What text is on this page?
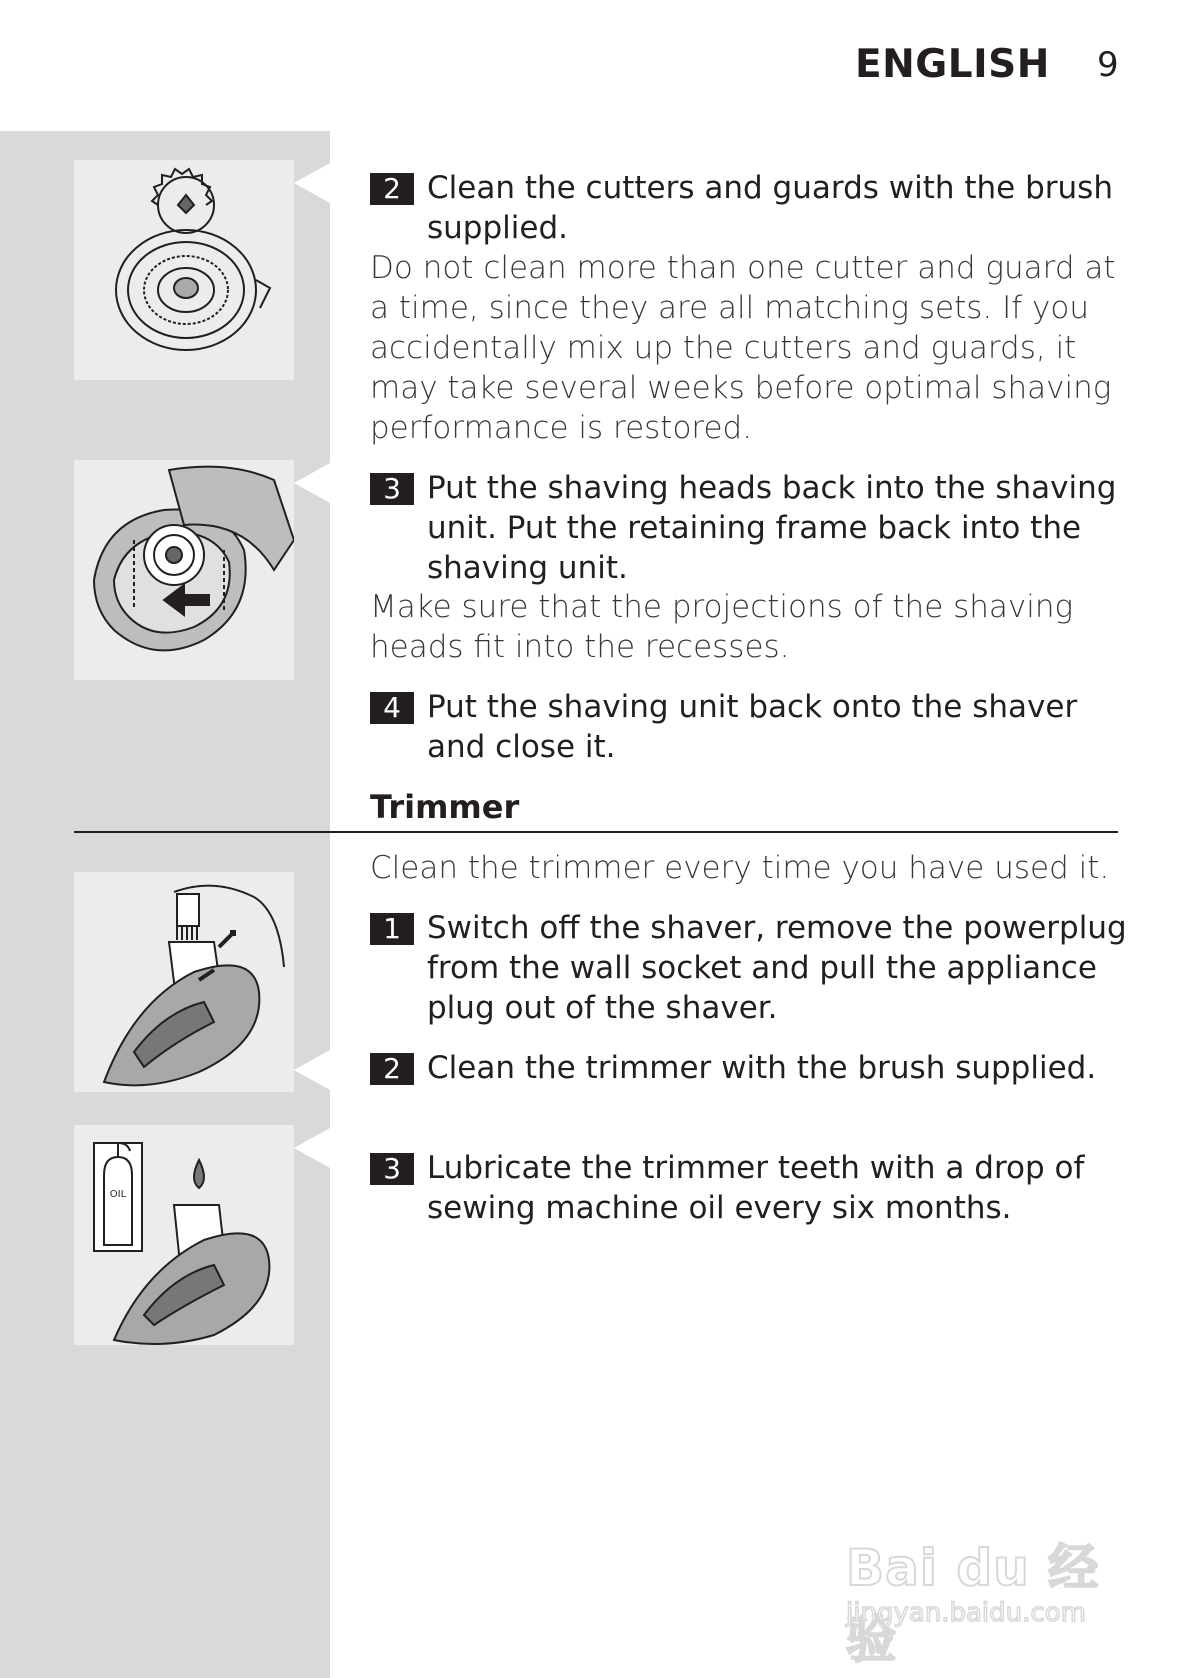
ENGLISH 9
OIL
2 Clean the cutters and guards with the brush supplied.
Do not clean more than one cutter and guard at a time, since they are all matching sets. If you accidentally mix up the cutters and guards, it may take several weeks before optimal shaving performance is restored.
3 Put the shaving heads back into the shaving unit. Put the retaining frame back into the shaving unit.
Make sure that the projections of the shaving heads fit into the recesses.
4 Put the shaving unit back onto the shaver and close it.
Trimmer
Clean the trimmer every time you have used it.
1 Switch off the shaver, remove the powerplug from the wall socket and pull the appliance plug out of the shaver.
2 Clean the trimmer with the brush supplied.
3 Lubricate the trimmer teeth with a drop of sewing machine oil every six months.
Bai du 经验
jingyan.baidu.com
